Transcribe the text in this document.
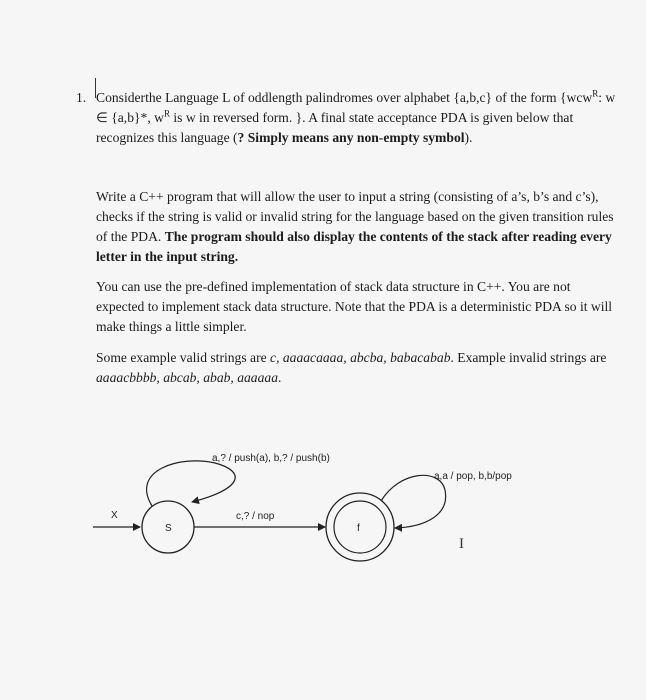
1. Considerthe Language L of oddlength palindromes over alphabet {a,b,c} of the form {wcw$^R$: w ∈ {a,b}*, $w^R$ is w in reversed form. }. A final state acceptance PDA is given below that recognizes this language (? Simply means any non-empty symbol).

Write a C++ program that will allow the user to input a string (consisting of a’s, b’s and c’s), checks if the string is valid or invalid string for the language based on the given transition rules of the PDA. The program should also display the contents of the stack after reading every letter in the input string.

You can use the pre-defined implementation of stack data structure in C++. You are not expected to implement stack data structure. Note that the PDA is a deterministic PDA so it will make things a little simpler.

Some example valid strings are c, aaaacaaaa, abcba, babacabab. Example invalid strings are aaaacbbbb, abcab, abab, aaaaaa.

X
S
a,? / push(a), b,? / push(b)
c,? / nop
f
a,a / pop, b,b/pop
I
